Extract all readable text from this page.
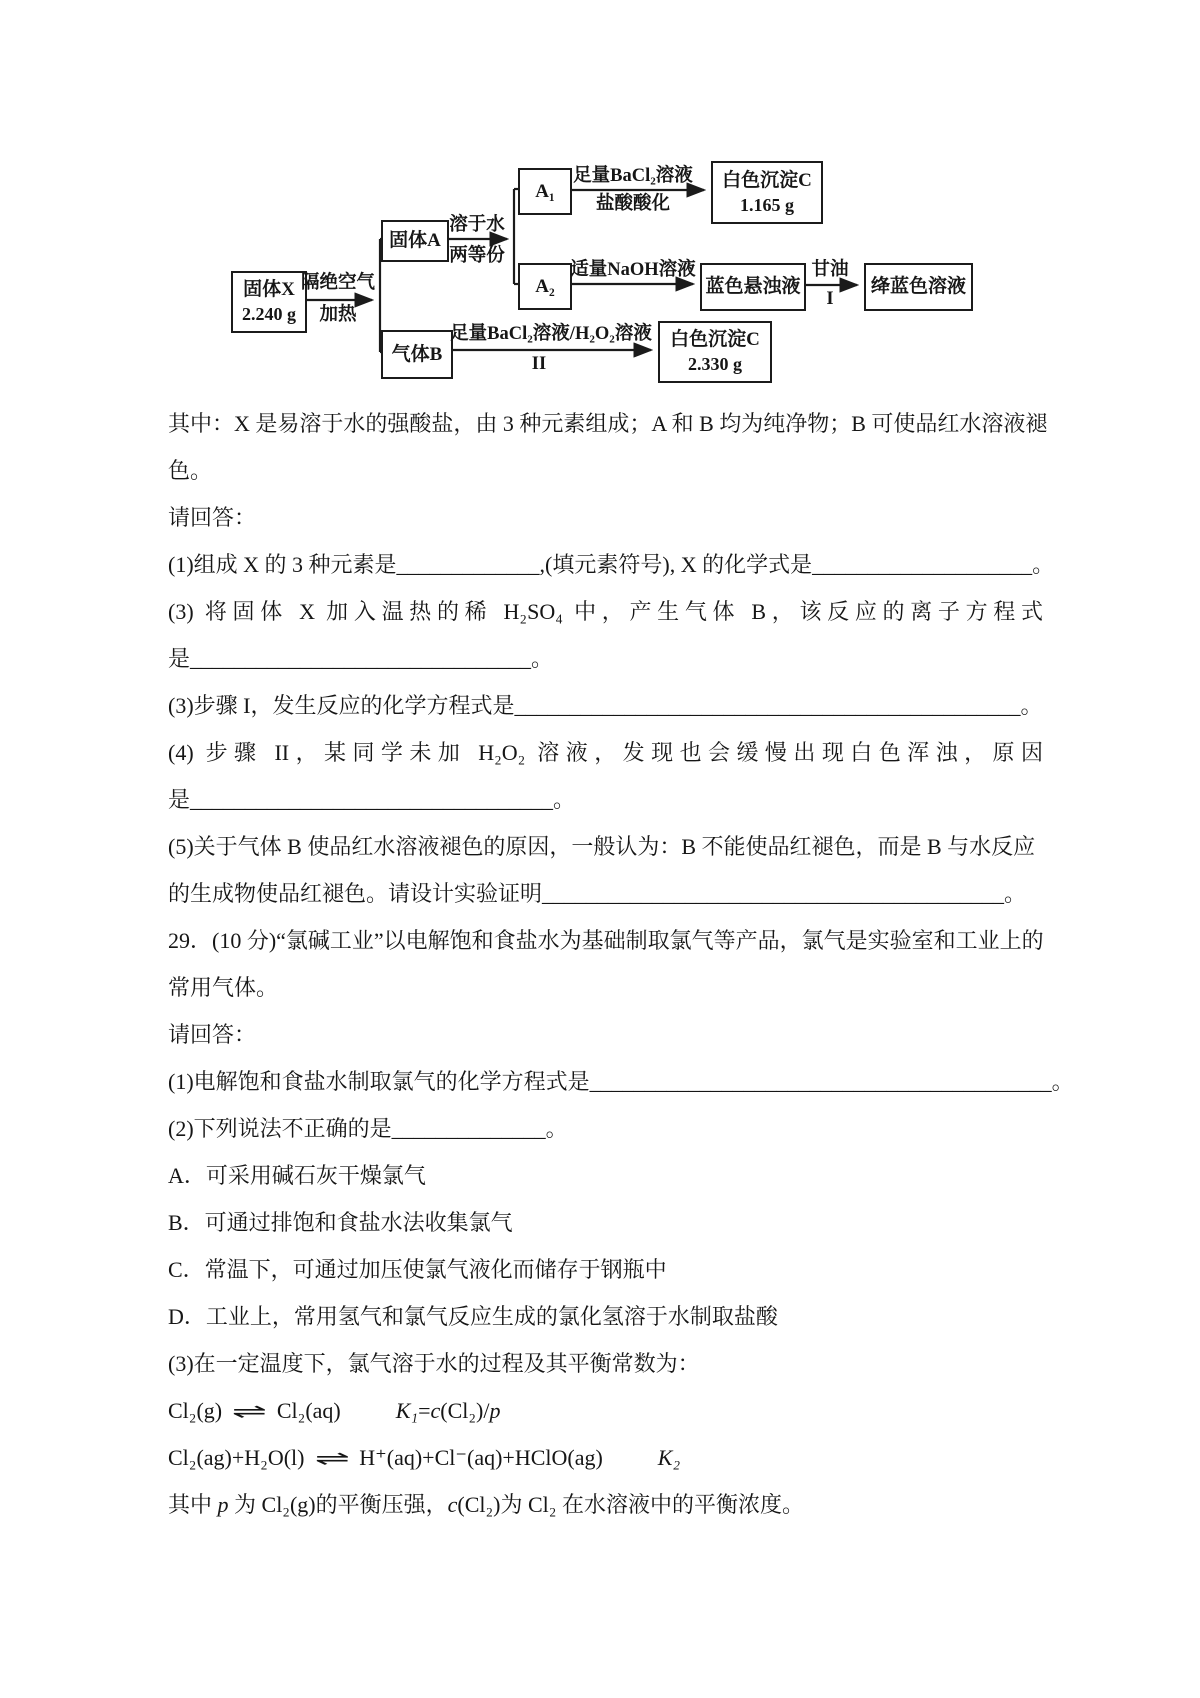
固体X
2.240 g
固体A
A₁
白色沉淀C
1.165 g
A₂	蓝色悬浊液	绛蓝色溶液
气体B
白色沉淀C
2.330 g
隔绝空气
加热
溶于水
两等份
足量BaCl₂溶液
盐酸酸化
适量NaOH溶液	甘油
I
足量BaCl₂溶液/H₂O₂溶液
II
其中：X 是易溶于水的强酸盐，由 3 种元素组成；A 和 B 均为纯净物；B 可使品红水溶液褪
色。
请回答：
(1)组成 X 的 3 种元素是_____________,(填元素符号), X 的化学式是____________________。
(3) 将固体 X 加入温热的稀 H₂SO₄ 中，产生气体 B，该反应的离子方程式
是_______________________________。
(3)步骤 I，发生反应的化学方程式是______________________________________________。
(4) 步骤 II，某同学未加 H₂O₂ 溶液，发现也会缓慢出现白色浑浊，原因
是_________________________________。
(5)关于气体 B 使品红水溶液褪色的原因，一般认为：B 不能使品红褪色，而是 B 与水反应
的生成物使品红褪色。请设计实验证明__________________________________________。
29．(10 分)“氯碱工业”以电解饱和食盐水为基础制取氯气等产品，氯气是实验室和工业上的
常用气体。
请回答：
(1)电解饱和食盐水制取氯气的化学方程式是__________________________________________。
(2)下列说法不正确的是______________。
A．可采用碱石灰干燥氯气
B．可通过排饱和食盐水法收集氯气
C．常温下，可通过加压使氯气液化而储存于钢瓶中
D．工业上，常用氢气和氯气反应生成的氯化氢溶于水制取盐酸
(3)在一定温度下，氯气溶于水的过程及其平衡常数为：
Cl₂(g) ⇌ Cl₂(aq)	K₁=c(Cl₂)/p
Cl₂(ag)+H₂O(l) ⇌ H⁺(aq)+Cl⁻(aq)+HClO(ag)	K₂
其中 p 为 Cl₂(g)的平衡压强，c(Cl₂)为 Cl₂ 在水溶液中的平衡浓度。
